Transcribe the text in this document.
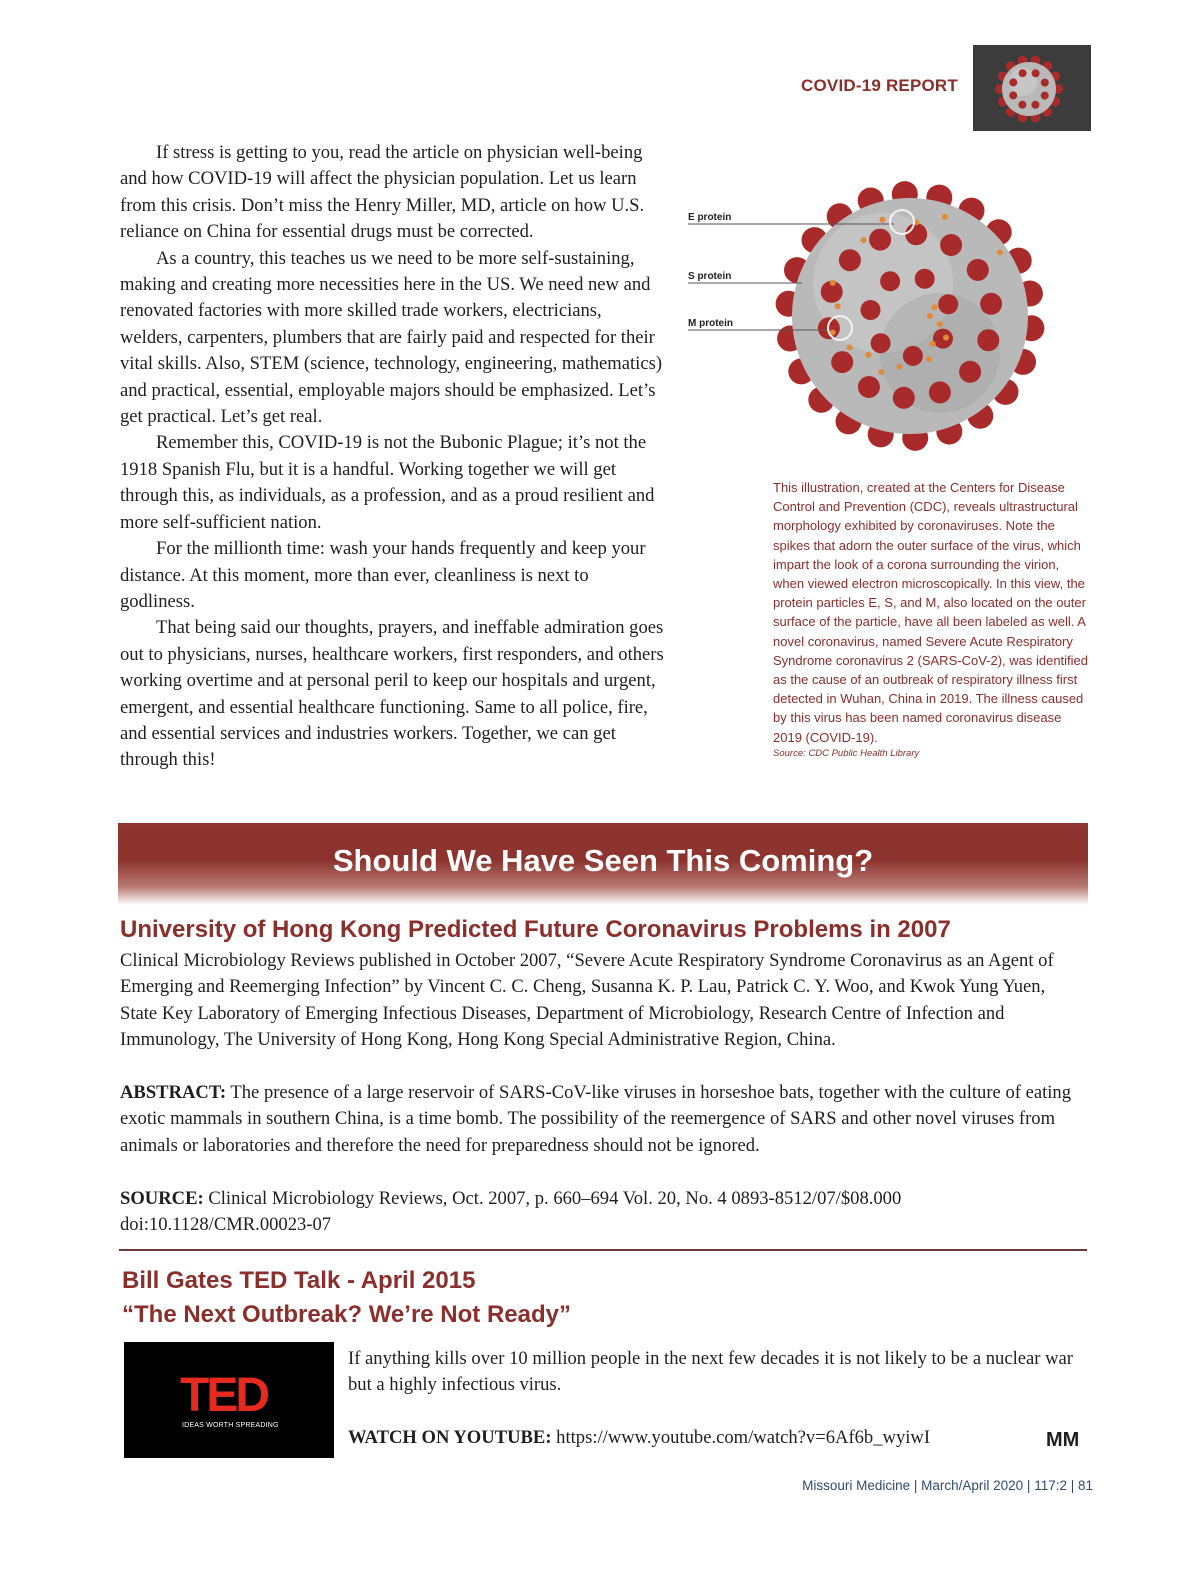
COVID-19 REPORT

If stress is getting to you, read the article on physician well-being and how COVID-19 will affect the physician population. Let us learn from this crisis. Don’t miss the Henry Miller, MD, article on how U.S. reliance on China for essential drugs must be corrected.

As a country, this teaches us we need to be more self-sustaining, making and creating more necessities here in the US. We need new and renovated factories with more skilled trade workers, electricians, welders, carpenters, plumbers that are fairly paid and respected for their vital skills. Also, STEM (science, technology, engineering, mathematics) and practical, essential, employable majors should be emphasized. Let’s get practical. Let’s get real.

Remember this, COVID-19 is not the Bubonic Plague; it’s not the 1918 Spanish Flu, but it is a handful. Working together we will get through this, as individuals, as a profession, and as a proud resilient and more self-sufficient nation.

For the millionth time: wash your hands frequently and keep your distance. At this moment, more than ever, cleanliness is next to godliness.

That being said our thoughts, prayers, and ineffable admiration goes out to physicians, nurses, healthcare workers, first responders, and others working overtime and at personal peril to keep our hospitals and urgent, emergent, and essential healthcare functioning. Same to all police, fire, and essential services and industries workers. Together, we can get through this!

E protein
S protein
M protein
This illustration, created at the Centers for Disease Control and Prevention (CDC), reveals ultrastructural morphology exhibited by coronaviruses. Note the spikes that adorn the outer surface of the virus, which impart the look of a corona surrounding the virion, when viewed electron microscopically. In this view, the protein particles E, S, and M, also located on the outer surface of the particle, have all been labeled as well. A novel coronavirus, named Severe Acute Respiratory Syndrome coronavirus 2 (SARS-CoV-2), was identified as the cause of an outbreak of respiratory illness first detected in Wuhan, China in 2019. The illness caused by this virus has been named coronavirus disease 2019 (COVID-19).
Source: CDC Public Health Library
Should We Have Seen This Coming?
University of Hong Kong Predicted Future Coronavirus Problems in 2007
Clinical Microbiology Reviews published in October 2007, “Severe Acute Respiratory Syndrome Coronavirus as an Agent of Emerging and Reemerging Infection” by Vincent C. C. Cheng, Susanna K. P. Lau, Patrick C. Y. Woo, and Kwok Yung Yuen, State Key Laboratory of Emerging Infectious Diseases, Department of Microbiology, Research Centre of Infection and Immunology, The University of Hong Kong, Hong Kong Special Administrative Region, China.
ABSTRACT: The presence of a large reservoir of SARS-CoV-like viruses in horseshoe bats, together with the culture of eating exotic mammals in southern China, is a time bomb. The possibility of the reemergence of SARS and other novel viruses from animals or laboratories and therefore the need for preparedness should not be ignored.
SOURCE: Clinical Microbiology Reviews, Oct. 2007, p. 660–694 Vol. 20, No. 4 0893-8512/07/$08.000 doi:10.1128/CMR.00023-07
Bill Gates TED Talk - April 2015
“The Next Outbreak? We’re Not Ready”
TED
IDEAS WORTH SPREADING
If anything kills over 10 million people in the next few decades it is not likely to be a nuclear war but a highly infectious virus.
WATCH ON YOUTUBE: https://www.youtube.com/watch?v=6Af6b_wyiwI	MM
Missouri Medicine | March/April 2020 | 117:2 | 81
